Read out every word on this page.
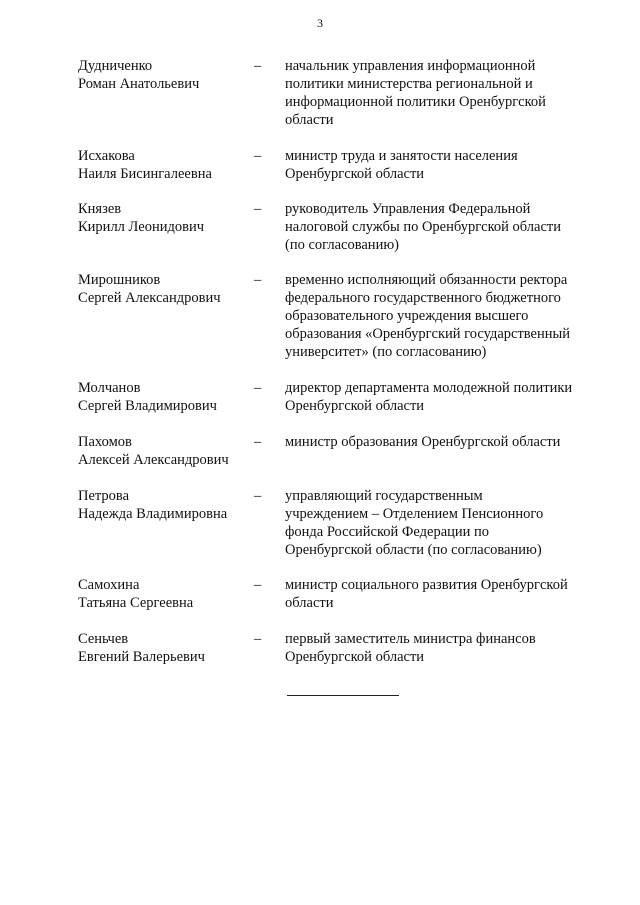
3
Дудниченко
Роман Анатольевич
– начальник управления информационной
политики министерства региональной и
информационной политики Оренбургской
области
Исхакова
Наиля Бисингалеевна
– министр труда и занятости населения
Оренбургской области
Князев
Кирилл Леонидович
– руководитель Управления Федеральной
налоговой службы по Оренбургской области
(по согласованию)
Мирошников
Сергей Александрович
– временно исполняющий обязанности ректора
федерального государственного бюджетного
образовательного учреждения высшего
образования «Оренбургский государственный
университет» (по согласованию)
Молчанов
Сергей Владимирович
– директор департамента молодежной политики
Оренбургской области
Пахомов
Алексей Александрович
– министр образования Оренбургской области
Петрова
Надежда Владимировна
– управляющий государственным
учреждением – Отделением Пенсионного
фонда Российской Федерации по
Оренбургской области (по согласованию)
Самохина
Татьяна Сергеевна
– министр социального развития Оренбургской
области
Сеньчев
Евгений Валерьевич
– первый заместитель министра финансов
Оренбургской области
